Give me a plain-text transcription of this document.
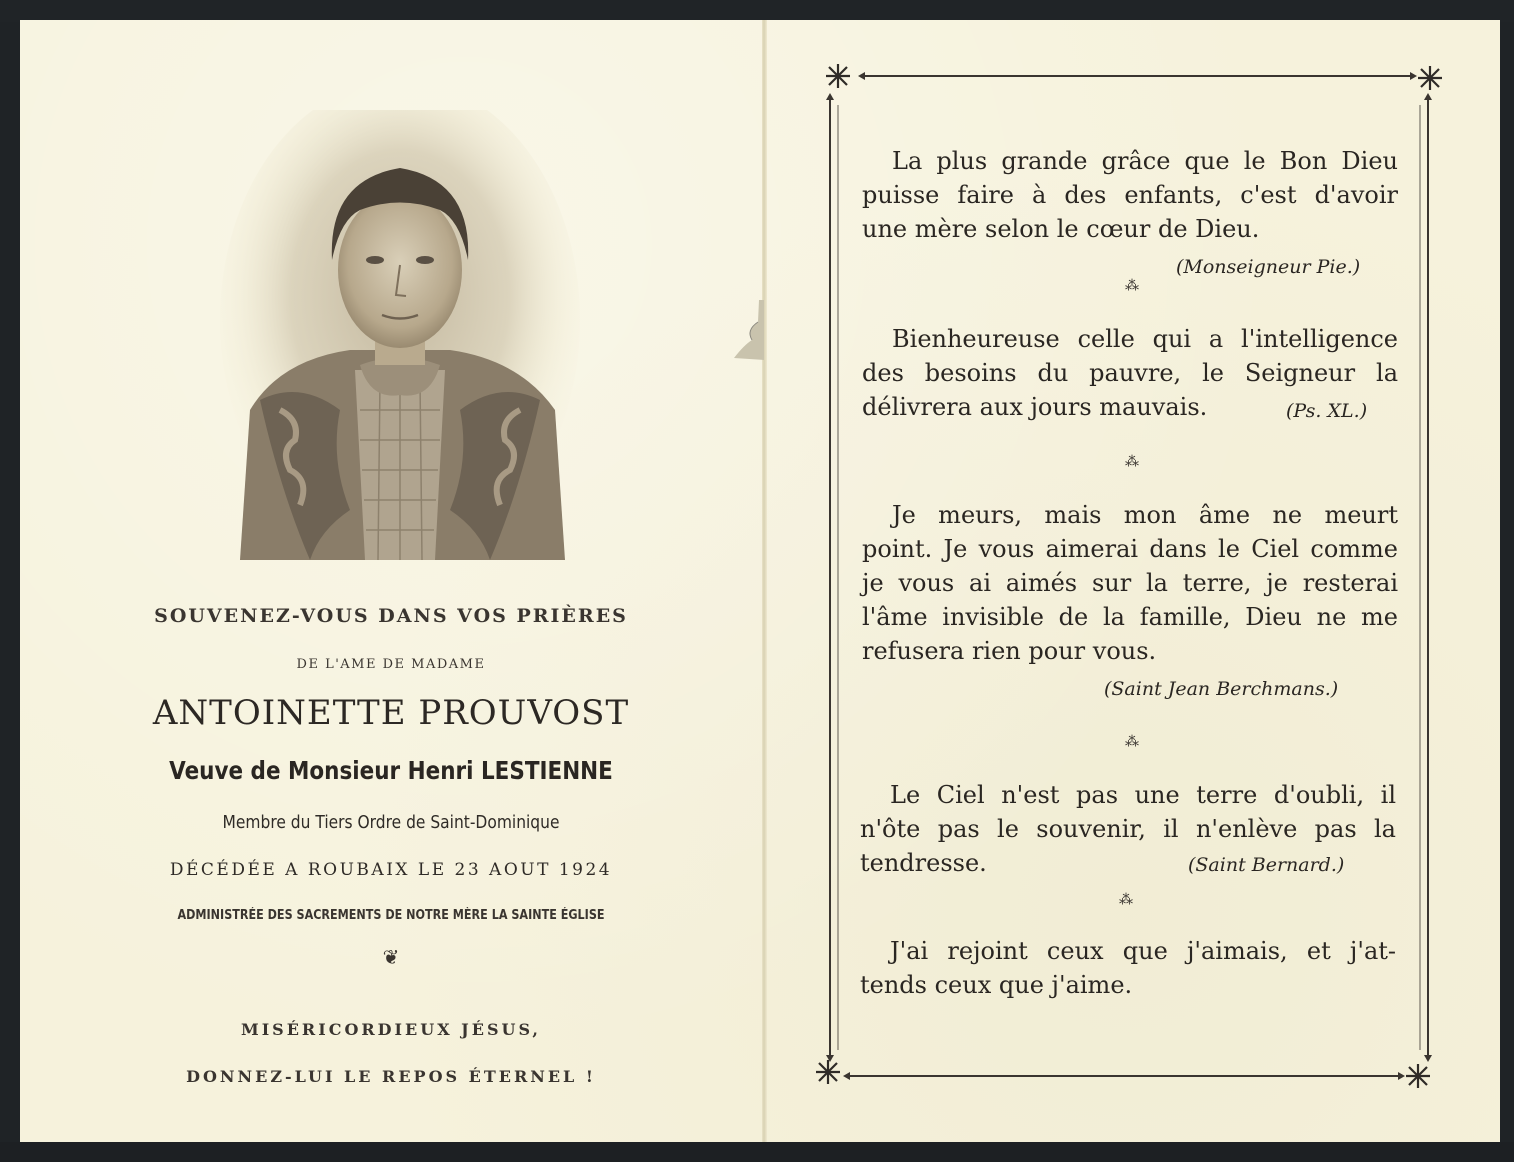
SOUVENEZ-VOUS DANS VOS PRIÈRES
DE L'AME DE MADAME
ANTOINETTE PROUVOST
Veuve de Monsieur Henri LESTIENNE
Membre du Tiers Ordre de Saint-Dominique
DÉCÉDÉE A ROUBAIX LE 23 AOUT 1924
ADMINISTRÉE DES SACREMENTS DE NOTRE MÈRE LA SAINTE ÉGLISE
❦
MISÉRICORDIEUX JÉSUS,
DONNEZ-LUI LE REPOS ÉTERNEL !
La plus grande grâce que le Bon Dieu
puisse faire à des enfants, c'est d'avoir
une mère selon le cœur de Dieu.
(Monseigneur Pie.)
⁂
Bienheureuse celle qui a l'intelligence
des besoins du pauvre, le Seigneur la
délivrera aux jours mauvais.	(Ps. XL.)
⁂
Je meurs, mais mon âme ne meurt
point. Je vous aimerai dans le Ciel comme
je vous ai aimés sur la terre, je resterai
l'âme invisible de la famille, Dieu ne me
refusera rien pour vous.
(Saint Jean Berchmans.)
⁂
Le Ciel n'est pas une terre d'oubli, il
n'ôte pas le souvenir, il n'enlève pas la
tendresse.	(Saint Bernard.)
⁂
J'ai rejoint ceux que j'aimais, et j'at-
tends ceux que j'aime.
